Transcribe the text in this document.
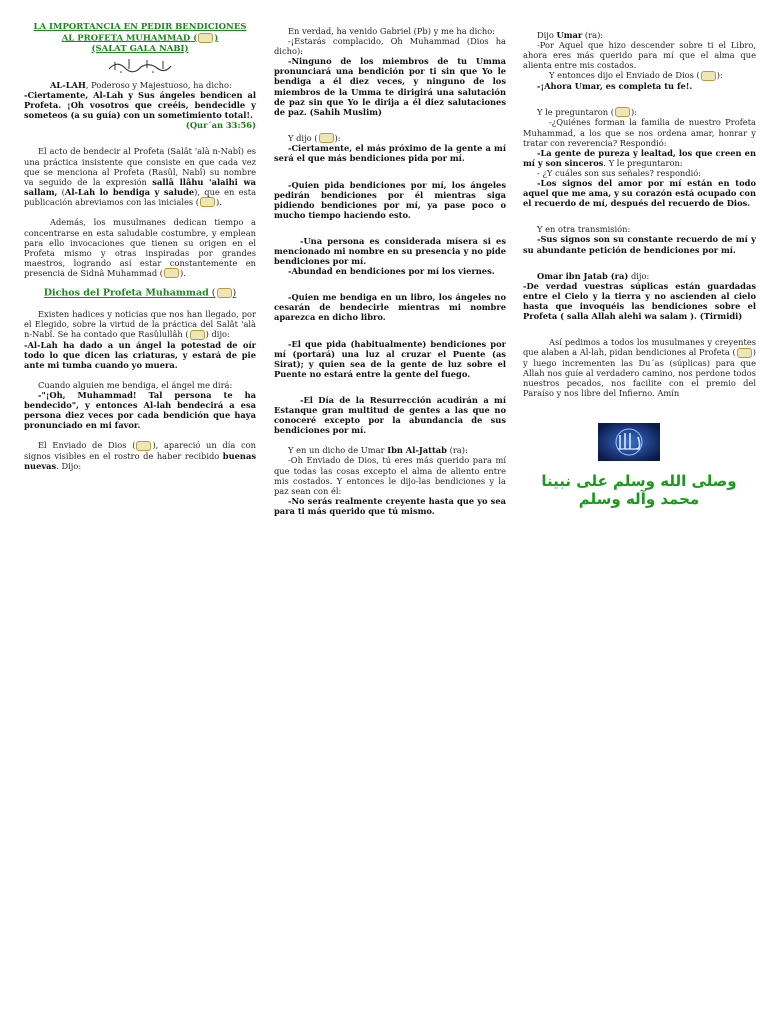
LA IMPORTANCIA EN PEDIR BENDICIONES
AL PROFETA MUHAMMAD ( )
(SALAT GALA NABI)

AL-LAH, Poderoso y Majestuoso, ha dicho:

-Ciertamente, Al-Lah y Sus ángeles bendicen al Profeta. ¡Oh vosotros que creéis, bendecidle y someteos (a su guía) con un sometimiento total!.

(Qur´an 33:56)

El acto de bendecir al Profeta (Salât 'alà n-Nabî) es una práctica insistente que consiste en que cada vez que se menciona al Profeta (Rasûl, Nabî) su nombre va seguido de la expresión sallâ llâhu 'alaihi wa sallam, (Al-Lah lo bendiga y salude), que en esta publicación abreviamos con las iniciales ( ).

Además, los musulmanes dedican tiempo a concentrarse en esta saludable costumbre, y emplean para ello invocaciones que tienen su origen en el Profeta mismo y otras inspiradas por grandes maestros, logrando así estar constantemente en presencia de Sidnâ Muhammad ( ).

Dichos del Profeta Muhammad ( )

Existen hadices y noticias que nos han llegado, por el Elegido, sobre la virtud de la práctica del Salât 'alà n-Nabî. Se ha contado que Rasûlullâh ( ) dijo:

-Al-Lah ha dado a un ángel la potestad de oír todo lo que dicen las criaturas, y estará de pie ante mi tumba cuando yo muera.

Cuando alguien me bendiga, el ángel me dirá:

-"¡Oh, Muhammad! Tal persona te ha bendecido", y entonces Al-lah bendecirá a esa persona diez veces por cada bendición que haya pronunciado en mi favor.

El Enviado de Dios ( ), apareció un día con signos visibles en el rostro de haber recibido buenas nuevas. Dijo:

En verdad, ha venido Gabriel (Pb) y me ha dicho:

-¡Estarás complacido, Oh Muhammad (Dios ha dicho):

-Ninguno de los miembros de tu Umma pronunciará una bendición por ti sin que Yo le bendiga a él diez veces, y ninguno de los miembros de la Umma te dirigirá una salutación de paz sin que Yo le dirija a él diez salutaciones de paz. (Sahih Muslim)

Y dijo ( ):

-Ciertamente, el más próximo de la gente a mí será el que más bendiciones pida por mí.

-Quien pida bendiciones por mí, los ángeles pedirán bendiciones por él mientras siga pidiendo bendiciones por mí, ya pase poco o mucho tiempo haciendo esto.

-Una persona es considerada mísera si es mencionado mi nombre en su presencia y no pide bendiciones por mí.

-Abundad en bendiciones por mí los viernes.

-Quien me bendiga en un libro, los ángeles no cesarán de bendecirle mientras mi nombre aparezca en dicho libro.

-El que pida (habitualmente) bendiciones por mí (portará) una luz al cruzar el Puente (as Sirat); y quien sea de la gente de luz sobre el Puente no estará entre la gente del fuego.

-El Día de la Resurrección acudirán a mí Estanque gran multitud de gentes a las que no conoceré excepto por la abundancia de sus bendiciones por mí.

Y en un dicho de Umar Ibn Al-Jattab (ra):

-Oh Enviado de Dios, tú eres más querido para mí que todas las cosas excepto el alma de aliento entre mis costados. Y entonces le dijo-las bendiciones y la paz sean con él:

-No serás realmente creyente hasta que yo sea para ti más querido que tú mismo.

Dijo Umar (ra):

-Por Aquel que hizo descender sobre ti el Libro, ahora eres más querido para mí que el alma que alienta entre mis costados.

Y entonces dijo el Enviado de Dios ( ):

-¡Ahora Umar, es completa tu fe!.

Y le preguntaron ( ):

-¿Quiénes forman la familia de nuestro Profeta Muhammad, a los que se nos ordena amar, honrar y tratar con reverencia? Respondió:

-La gente de pureza y lealtad, los que creen en mí y son sinceros. Y le preguntaron:

- ¿Y cuáles son sus señales? respondió:

-Los signos del amor por mí están en todo aquel que me ama, y su corazón está ocupado con el recuerdo de mí, después del recuerdo de Dios.

Y en otra transmisión:

-Sus signos son su constante recuerdo de mí y su abundante petición de bendiciones por mí.

Omar ibn Jatab (ra) dijo:

-De verdad vuestras súplicas están guardadas entre el Cielo y la tierra y no ascienden al cielo hasta que invoquéis las bendiciones sobre el Profeta ( salla Allah alehi wa salam ). (Tirmidi)

Así pedimos a todos los musulmanes y creyentes que alaben a Al-lah, pidan bendiciones al Profeta ( ) y luego incrementen las Du´as (súplicas) para que Allah nos guíe al verdadero camino, nos perdone todos nuestros pecados, nos facilite con el premio del Paraíso y nos libre del Infierno. Amín

وصلى الله وسلم على نبينا
محمد وآله وسلم
